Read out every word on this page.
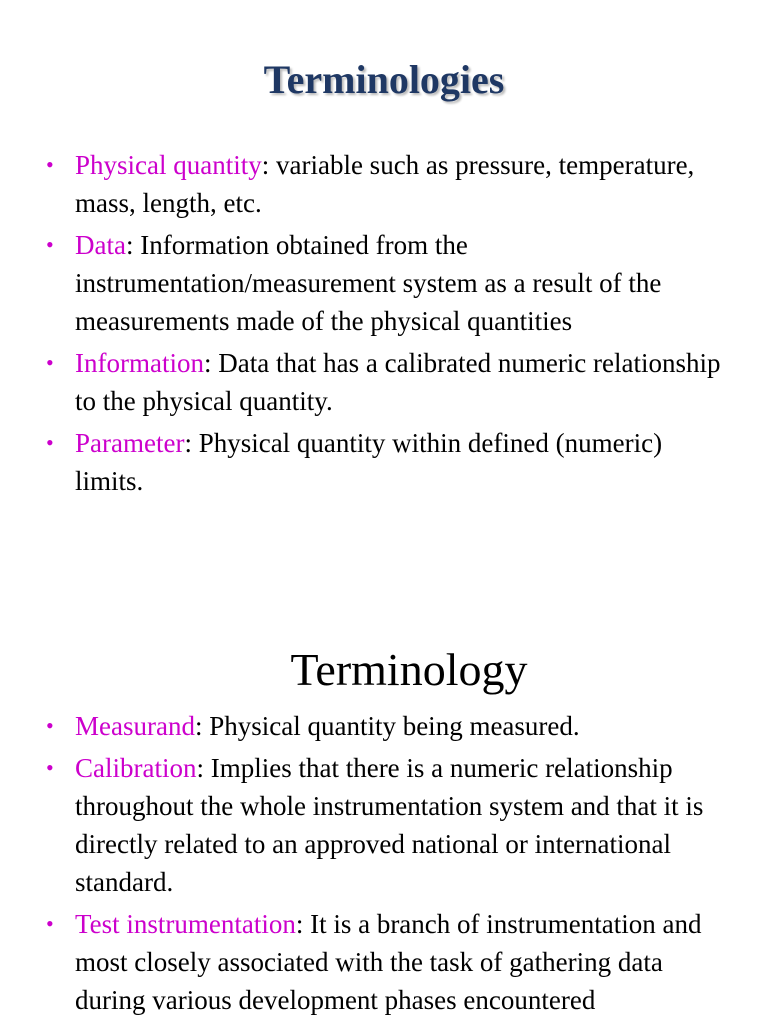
Terminologies
• Physical quantity: variable such as pressure, temperature, mass, length, etc.
• Data: Information obtained from the instrumentation/measurement system as a result of the measurements made of the physical quantities
• Information: Data that has a calibrated numeric relationship to the physical quantity.
• Parameter: Physical quantity within defined (numeric) limits.
Terminology
• Measurand: Physical quantity being measured.
• Calibration: Implies that there is a numeric relationship throughout the whole instrumentation system and that it is directly related to an approved national or international standard.
• Test instrumentation: It is a branch of instrumentation and most closely associated with the task of gathering data during various development phases encountered
